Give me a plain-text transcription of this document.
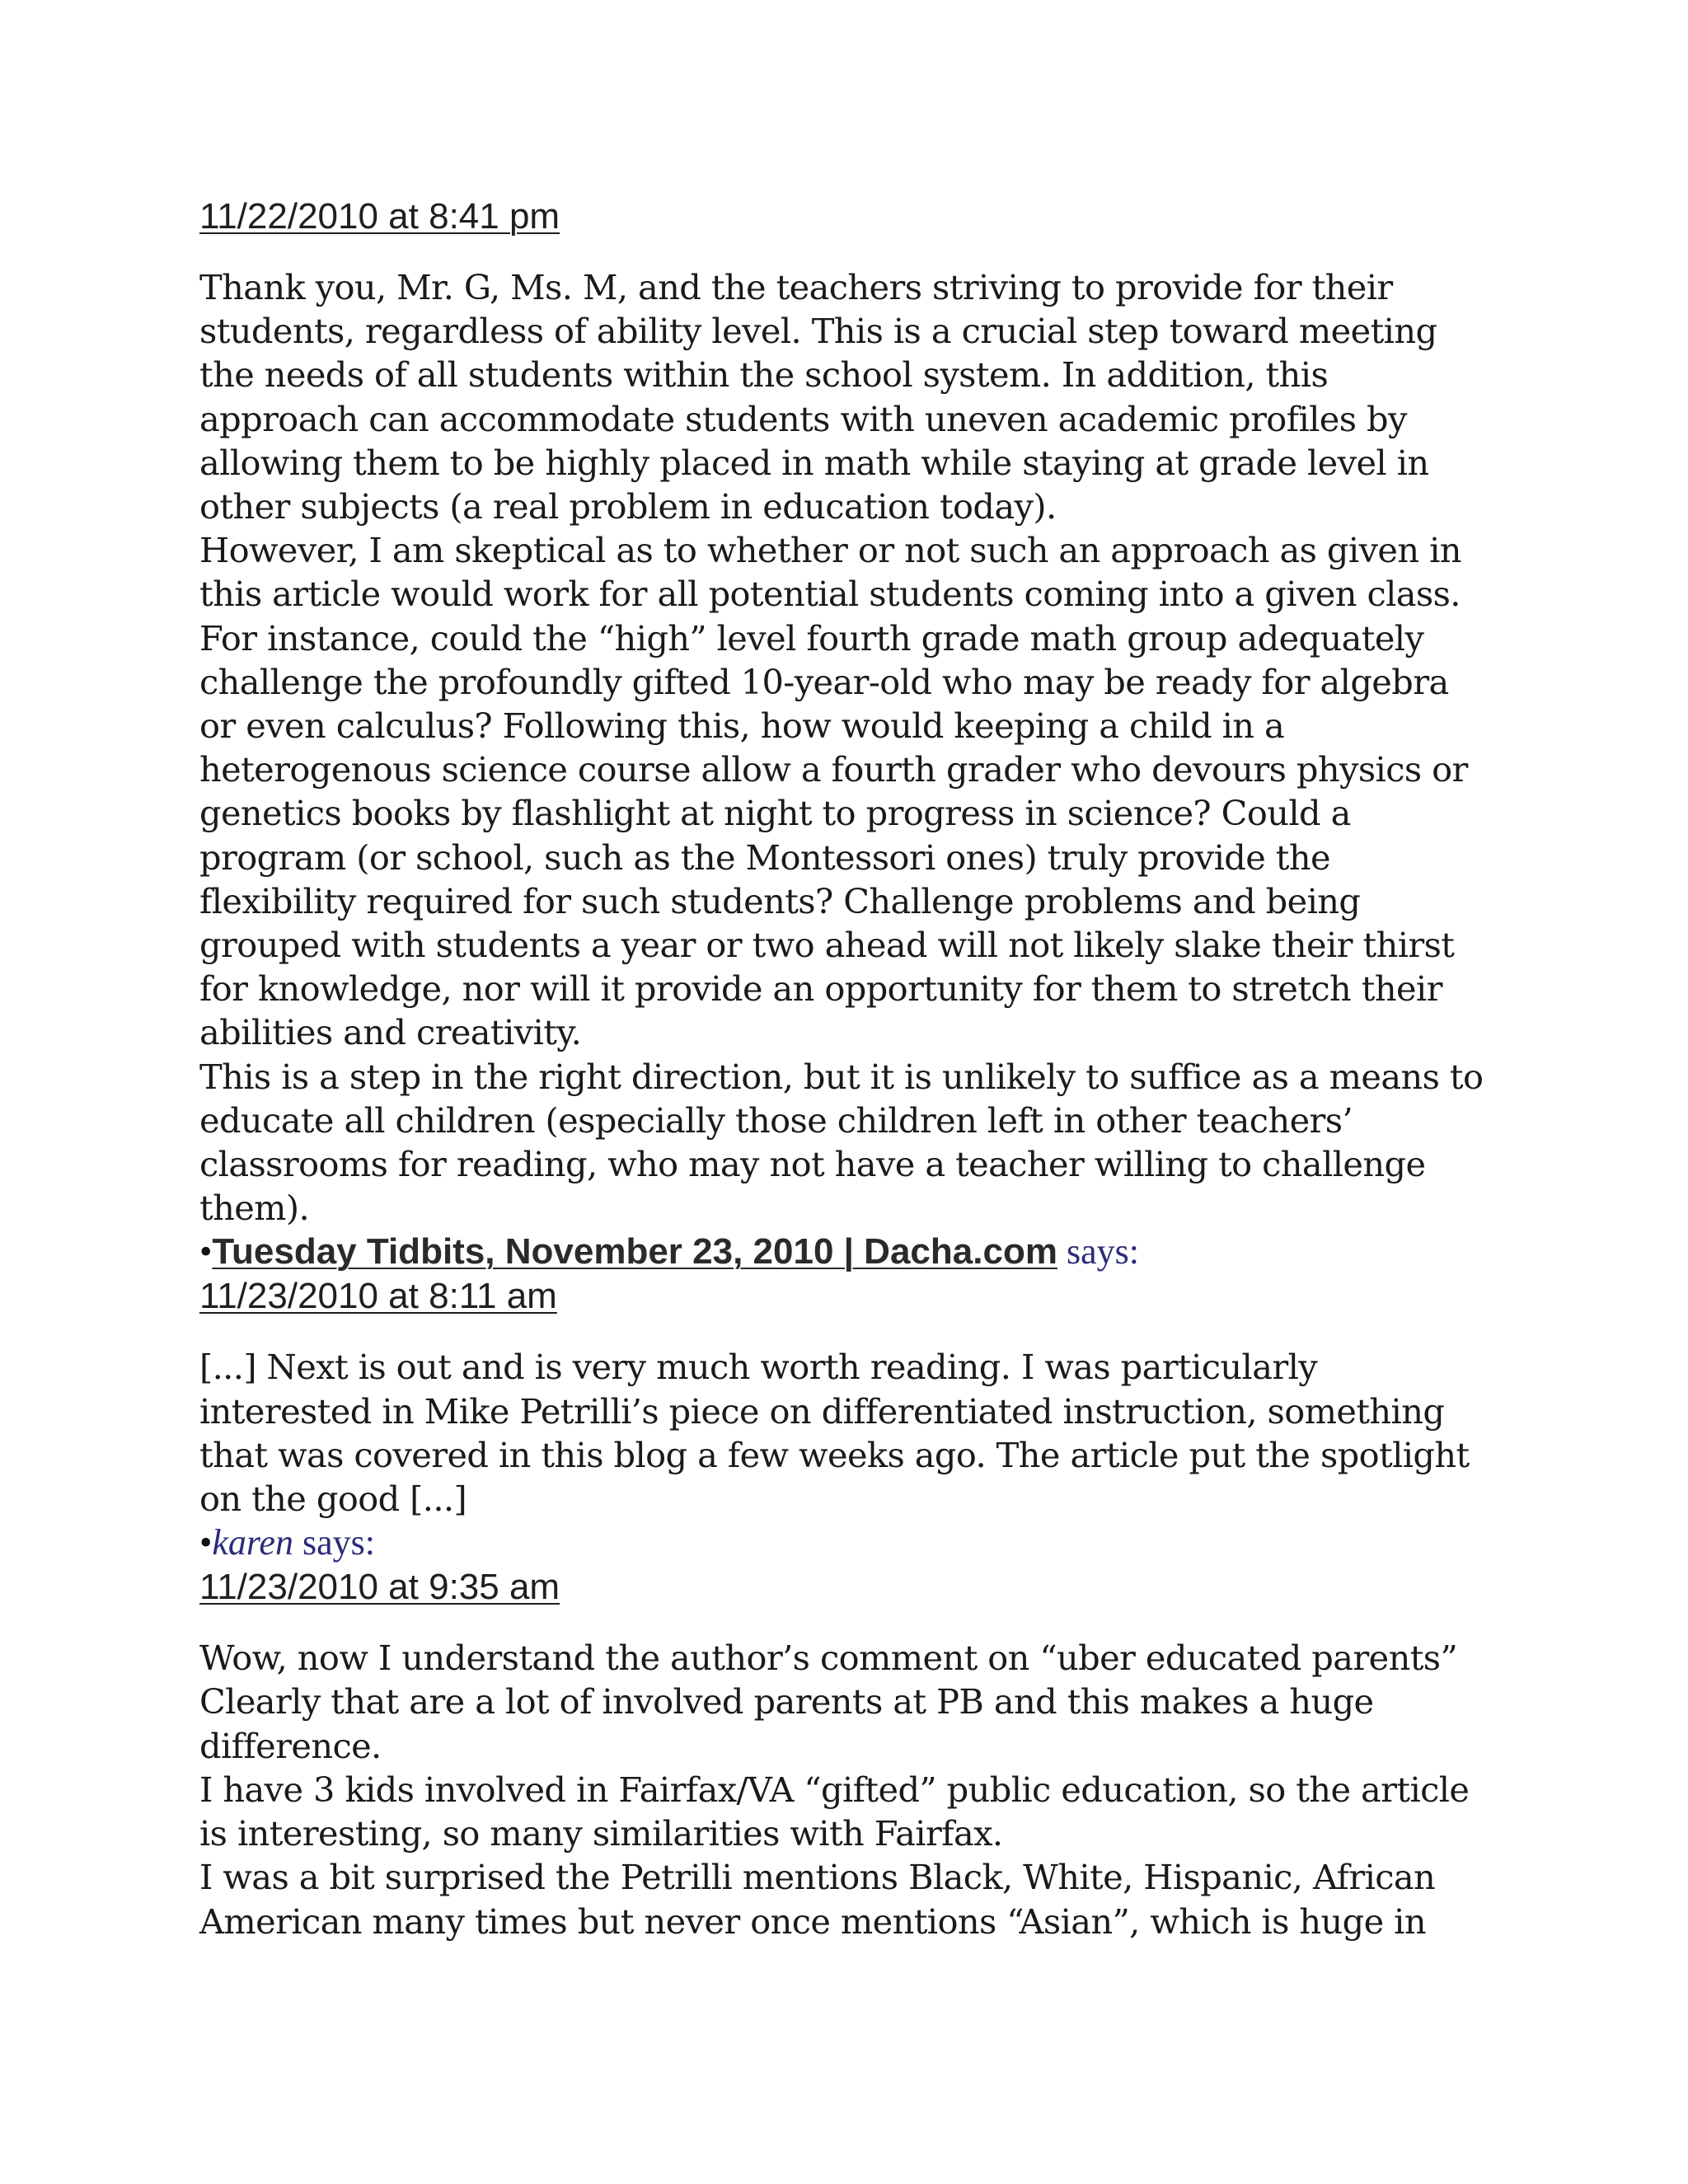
11/22/2010 at 8:41 pm

Thank you, Mr. G, Ms. M, and the teachers striving to provide for their
students, regardless of ability level. This is a crucial step toward meeting
the needs of all students within the school system. In addition, this
approach can accommodate students with uneven academic profiles by
allowing them to be highly placed in math while staying at grade level in
other subjects (a real problem in education today).
However, I am skeptical as to whether or not such an approach as given in
this article would work for all potential students coming into a given class.
For instance, could the “high” level fourth grade math group adequately
challenge the profoundly gifted 10-year-old who may be ready for algebra
or even calculus? Following this, how would keeping a child in a
heterogenous science course allow a fourth grader who devours physics or
genetics books by flashlight at night to progress in science? Could a
program (or school, such as the Montessori ones) truly provide the
flexibility required for such students? Challenge problems and being
grouped with students a year or two ahead will not likely slake their thirst
for knowledge, nor will it provide an opportunity for them to stretch their
abilities and creativity.
This is a step in the right direction, but it is unlikely to suffice as a means to
educate all children (especially those children left in other teachers’
classrooms for reading, who may not have a teacher willing to challenge
them).

•Tuesday Tidbits, November 23, 2010 | Dacha.com says:

11/23/2010 at 8:11 am

[...] Next is out and is very much worth reading. I was particularly
interested in Mike Petrilli’s piece on differentiated instruction, something
that was covered in this blog a few weeks ago. The article put the spotlight
on the good [...]

•karen says:

11/23/2010 at 9:35 am

Wow, now I understand the author’s comment on “uber educated parents”
Clearly that are a lot of involved parents at PB and this makes a huge
difference.
I have 3 kids involved in Fairfax/VA “gifted” public education, so the article
is interesting, so many similarities with Fairfax.
I was a bit surprised the Petrilli mentions Black, White, Hispanic, African
American many times but never once mentions “Asian”, which is huge in
